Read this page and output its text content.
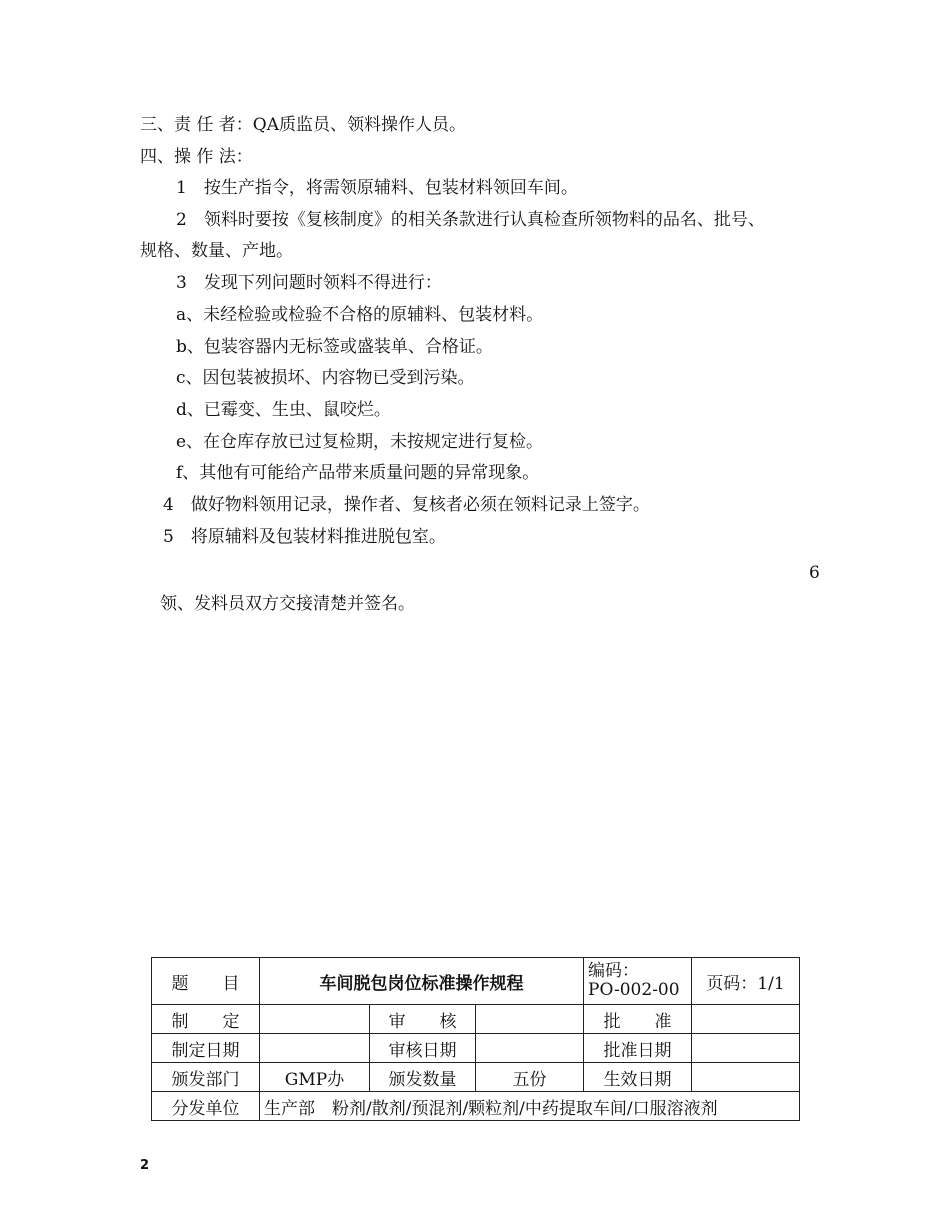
三、责 任 者：QA质监员、领料操作人员。
四、操 作 法：
1　按生产指令，将需领原辅料、包装材料领回车间。
2　领料时要按《复核制度》的相关条款进行认真检查所领物料的品名、批号、
规格、数量、产地。
3　发现下列问题时领料不得进行：
a、未经检验或检验不合格的原辅料、包装材料。
b、包装容器内无标签或盛装单、合格证。
c、因包装被损坏、内容物已受到污染。
d、已霉变、生虫、鼠咬烂。
e、在仓库存放已过复检期，未按规定进行复检。
f、其他有可能给产品带来质量问题的异常现象。
4　做好物料领用记录，操作者、复核者必须在领料记录上签字。
5　将原辅料及包装材料推进脱包室。
6
领、发料员双方交接清楚并签名。
题　　目	车间脱包岗位标准操作规程			编码：
PO-002-00	页码：1/1
制　　定		审　　核		批　　准	
制定日期		审核日期		批准日期	
颁发部门	GMP办	颁发数量	五份	生效日期	
分发单位	生产部　粉剂/散剂/预混剂/颗粒剂/中药提取车间/口服溶液剂				
2
